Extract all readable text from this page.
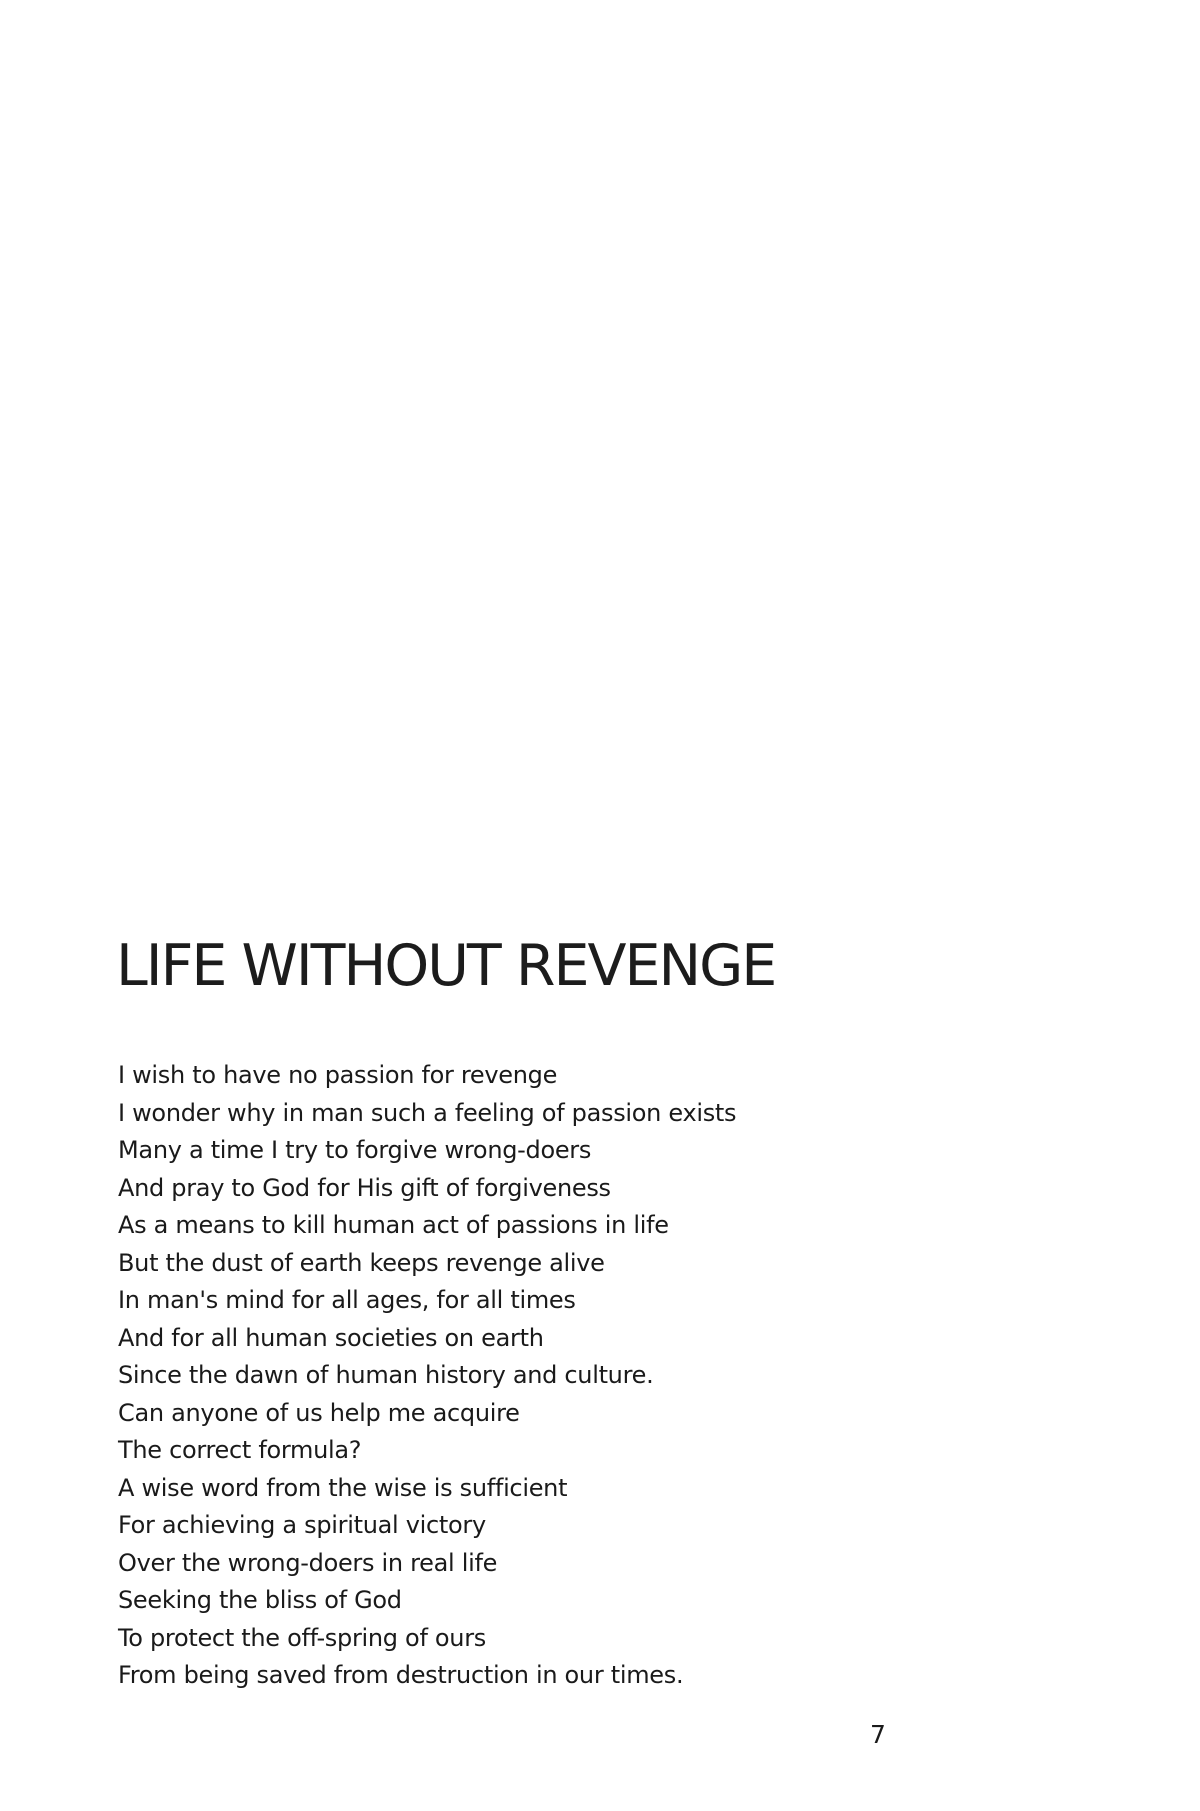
LIFE WITHOUT REVENGE
I wish to have no passion for revenge
I wonder why in man such a feeling of passion exists
Many a time I try to forgive wrong-doers
And pray to God for His gift of forgiveness
As a means to kill human act of passions in life
But the dust of earth keeps revenge alive
In man's mind for all ages, for all times
And for all human societies on earth
Since the dawn of human history and culture.
Can anyone of us help me acquire
The correct formula?
A wise word from the wise is sufficient
For achieving a spiritual victory
Over the wrong-doers in real life
Seeking the bliss of God
To protect the off-spring of ours
From being saved from destruction in our times.
7
